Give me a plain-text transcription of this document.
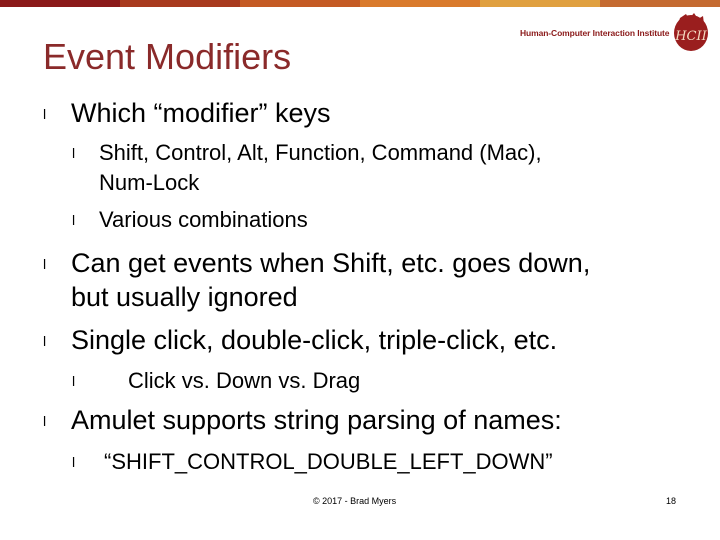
Event Modifiers
Human-Computer Interaction Institute HCII
l Which “modifier” keys
l Shift, Control, Alt, Function, Command (Mac),
Num-Lock
l Various combinations
l Can get events when Shift, etc. goes down,
but usually ignored
l Single click, double-click, triple-click, etc.
l Click vs. Down vs. Drag
l Amulet supports string parsing of names:
l “SHIFT_CONTROL_DOUBLE_LEFT_DOWN”
© 2017 - Brad Myers	18
